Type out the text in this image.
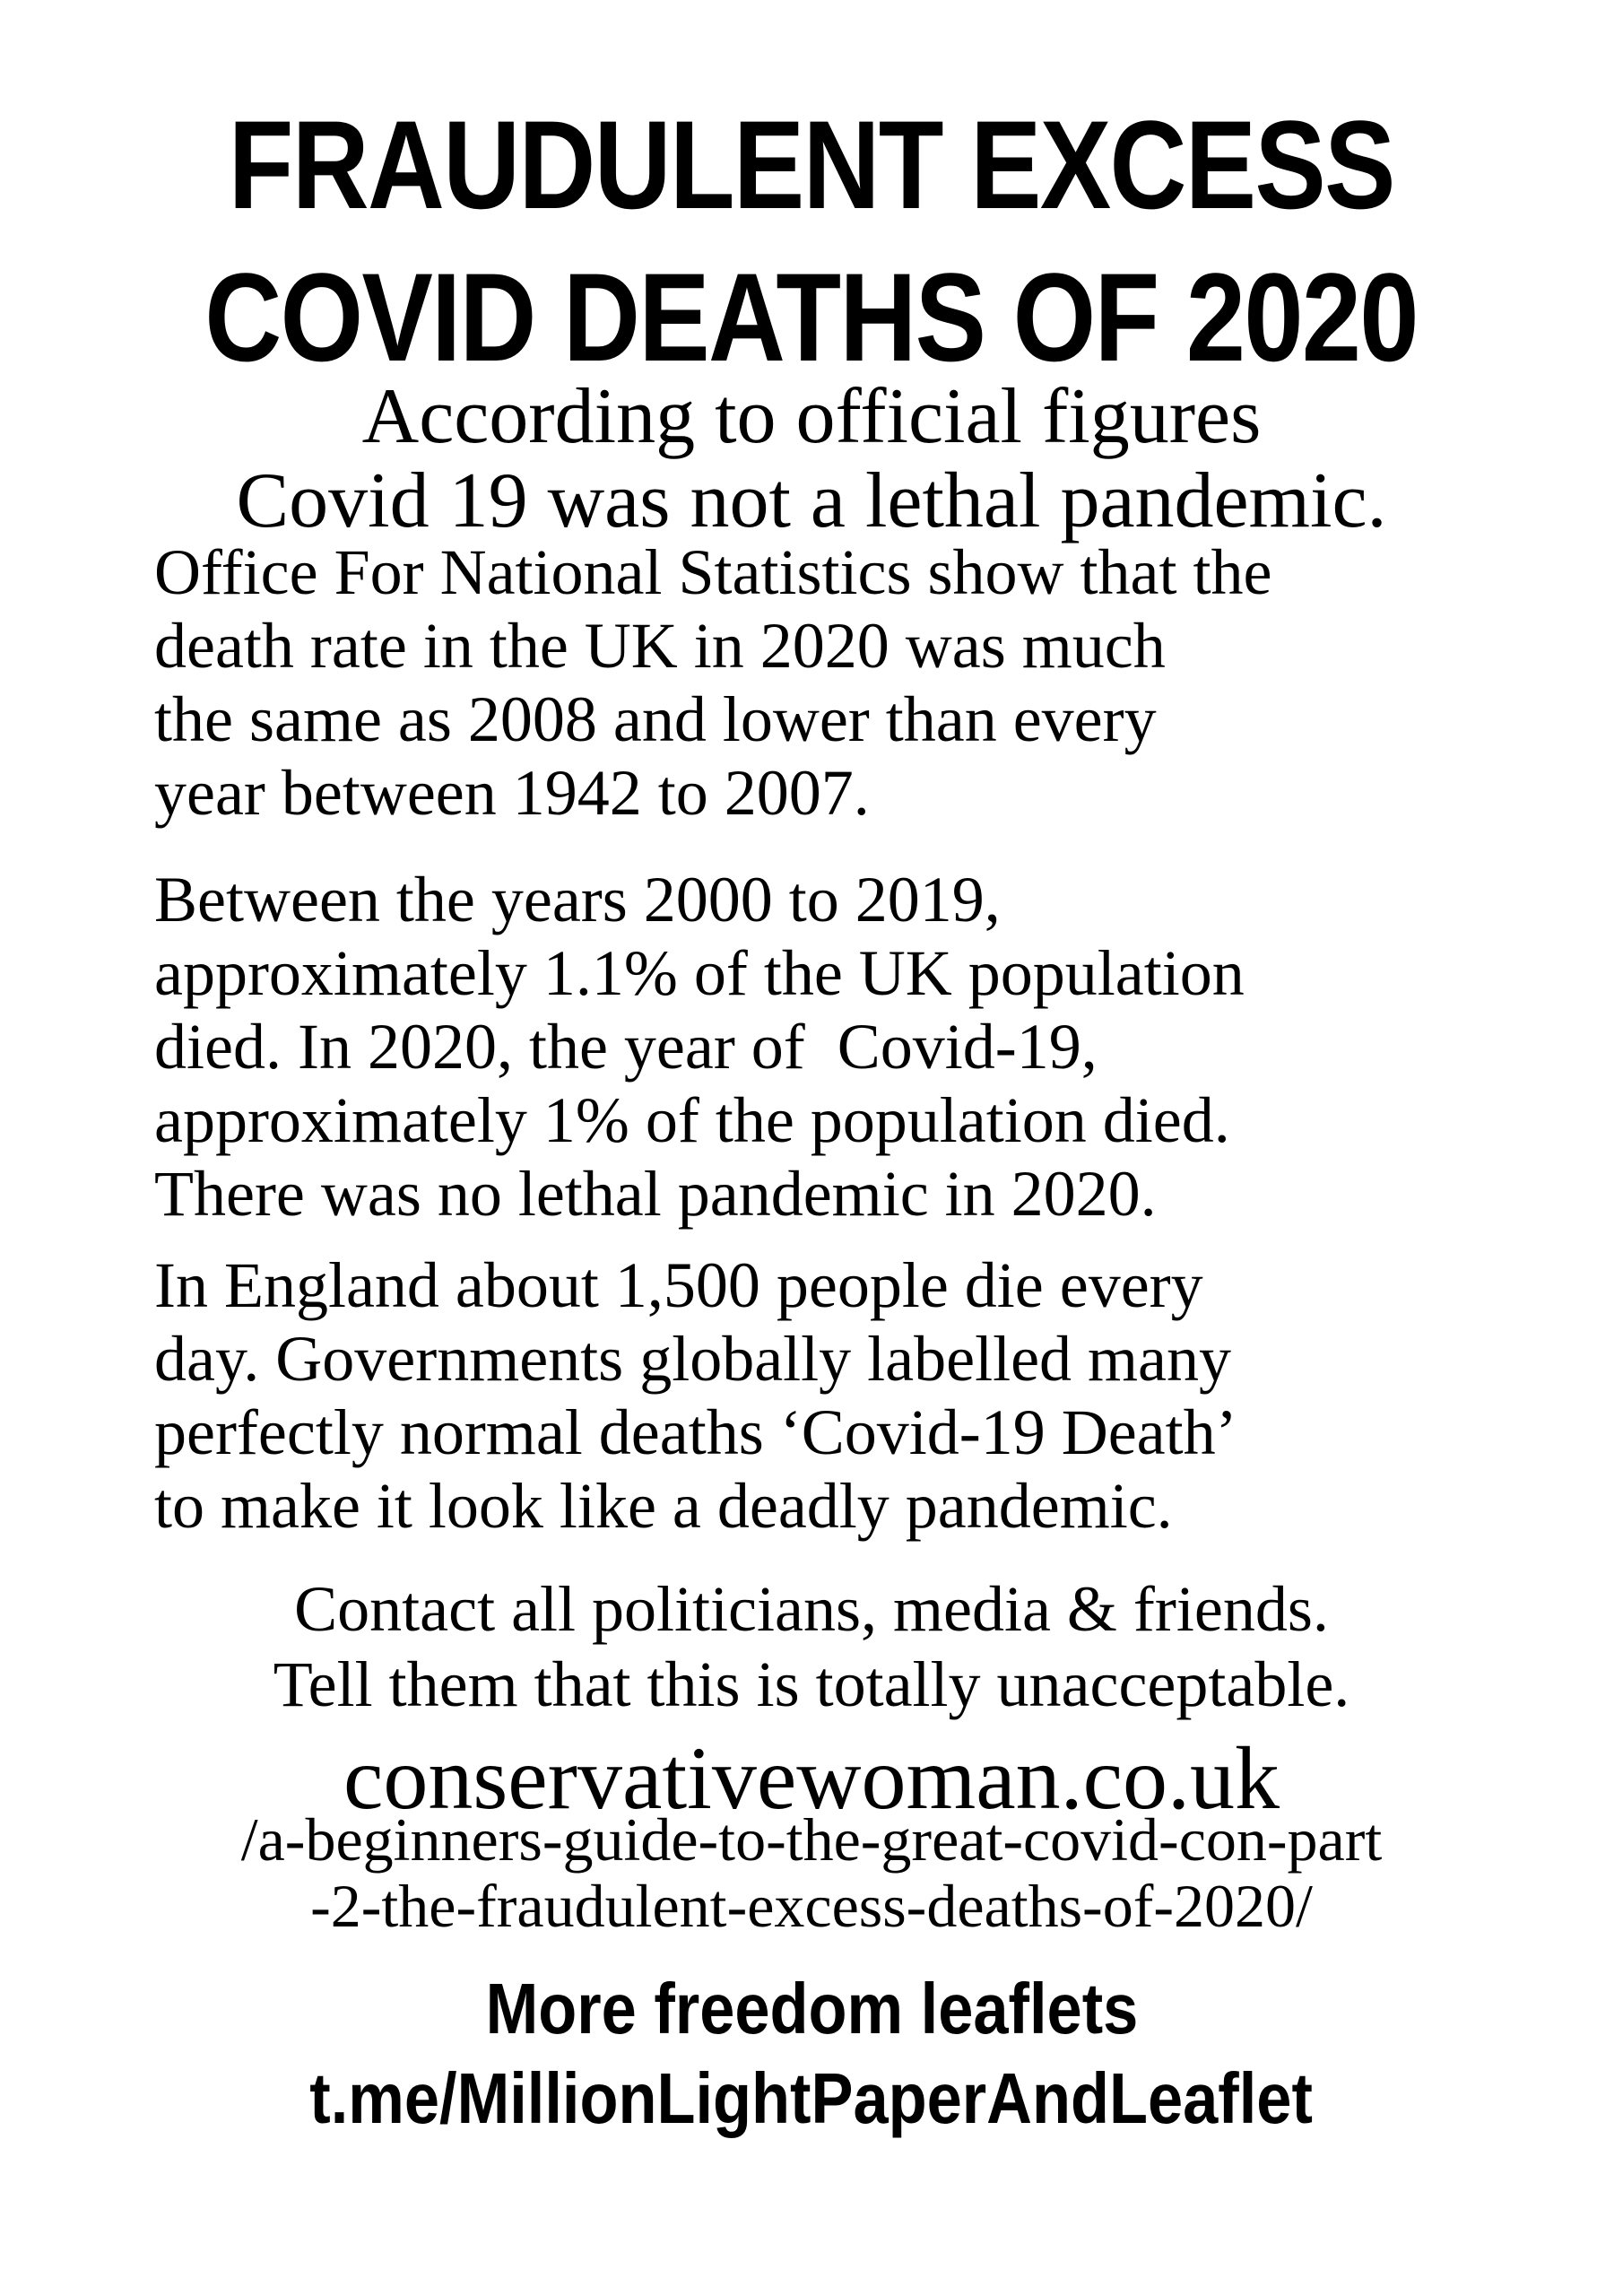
FRAUDULENT EXCESS
COVID DEATHS OF 2020
According to official figures
Covid 19 was not a lethal pandemic.
Office For National Statistics show that the
death rate in the UK in 2020 was much
the same as 2008 and lower than every
year between 1942 to 2007.
Between the years 2000 to 2019,
approximately 1.1% of the UK population
died. In 2020, the year of  Covid-19,
approximately 1% of the population died.
There was no lethal pandemic in 2020.
In England about 1,500 people die every
day. Governments globally labelled many
perfectly normal deaths ‘Covid-19 Death’
to make it look like a deadly pandemic.
Contact all politicians, media & friends.
Tell them that this is totally unacceptable.
conservativewoman.co.uk
/a-beginners-guide-to-the-great-covid-con-part
-2-the-fraudulent-excess-deaths-of-2020/
More freedom leaflets
t.me/MillionLightPaperAndLeaflet
